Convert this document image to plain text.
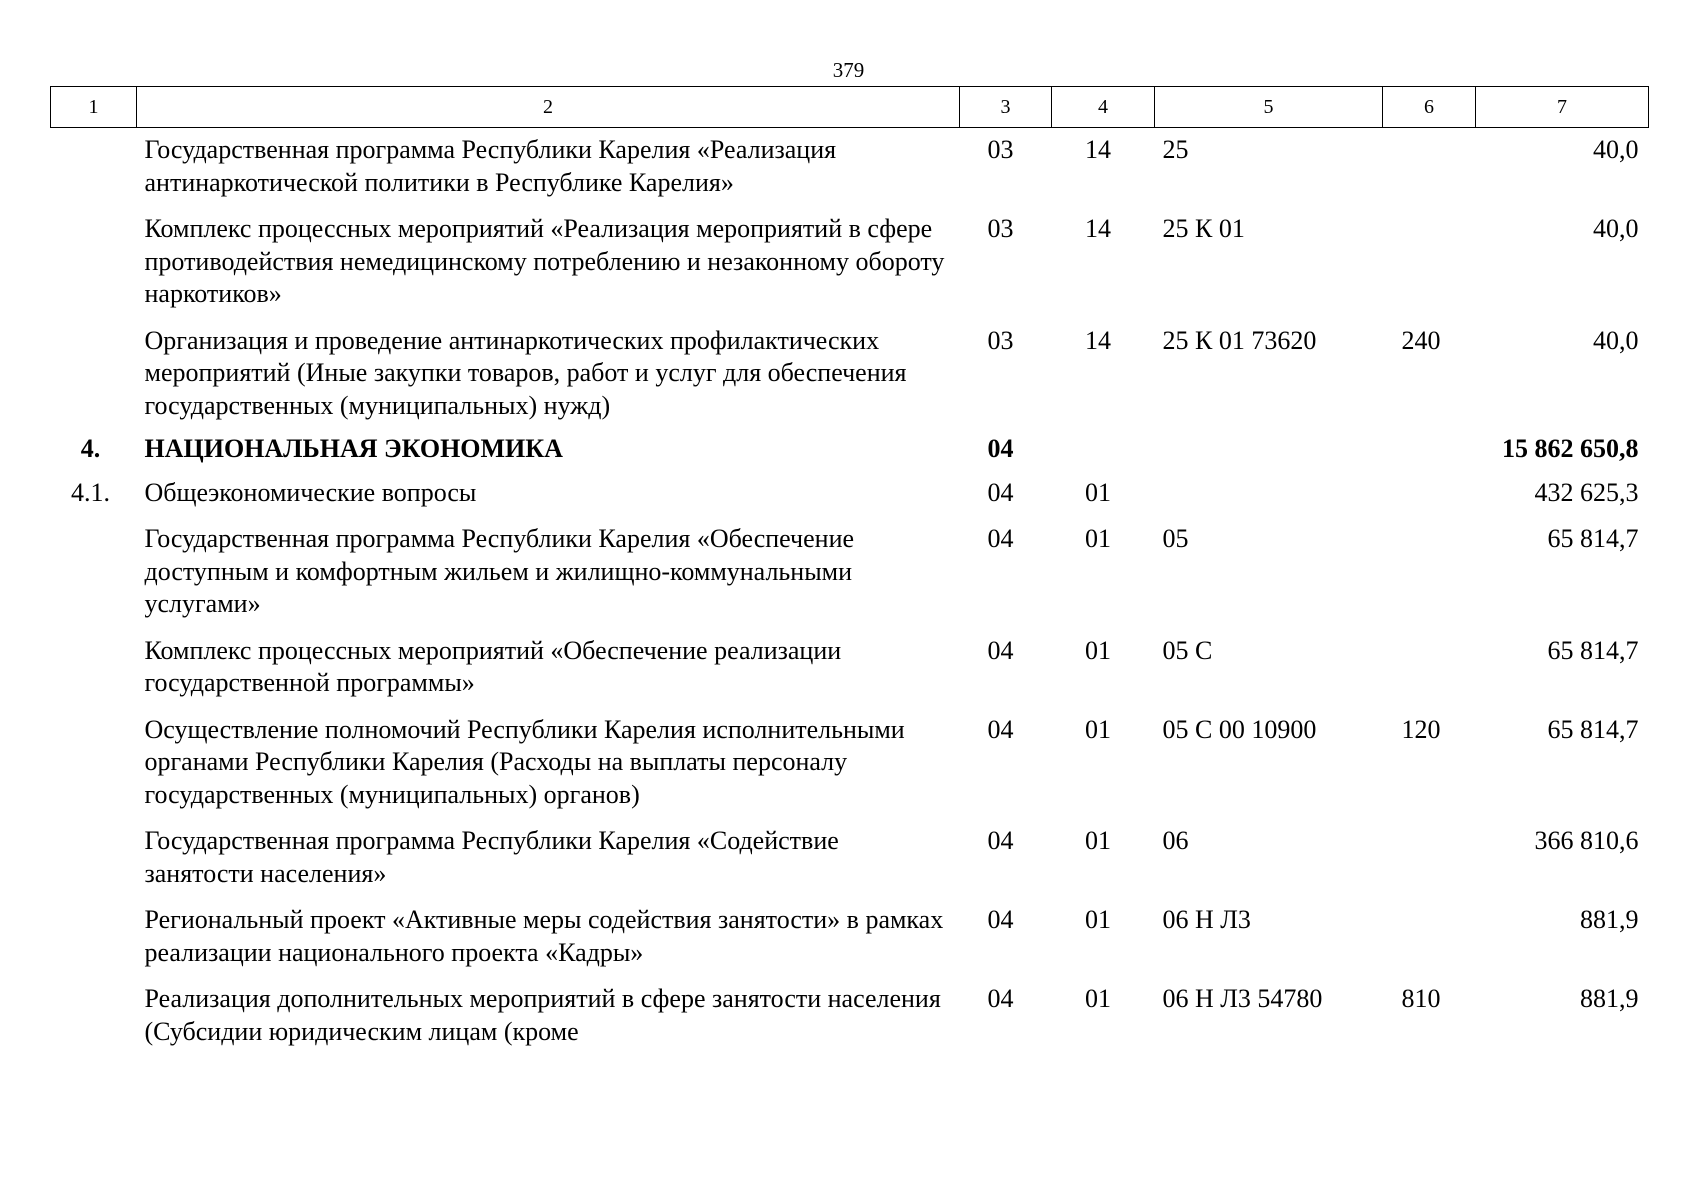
379
1	2	3	4	5	6	7
	Государственная программа Республики Карелия «Реализация антинаркотической политики в Республике Карелия»	03	14	25		40,0
	Комплекс процессных мероприятий «Реализация мероприятий в сфере противодействия немедицинскому потреблению и незаконному обороту наркотиков»	03	14	25 К 01		40,0
	Организация и проведение антинаркотических профилактических мероприятий (Иные закупки товаров, работ и услуг для обеспечения государственных (муниципальных) нужд)	03	14	25 К 01 73620	240	40,0
4.	НАЦИОНАЛЬНАЯ ЭКОНОМИКА	04				15 862 650,8
4.1.	Общеэкономические вопросы	04	01			432 625,3
	Государственная программа Республики Карелия «Обеспечение доступным и комфортным жильем и жилищно-коммунальными услугами»	04	01	05		65 814,7
	Комплекс процессных мероприятий «Обеспечение реализации государственной программы»	04	01	05 С		65 814,7
	Осуществление полномочий Республики Карелия исполнительными органами Республики Карелия (Расходы на выплаты персоналу государственных (муниципальных) органов)	04	01	05 С 00 10900	120	65 814,7
	Государственная программа Республики Карелия «Содействие занятости населения»	04	01	06		366 810,6
	Региональный проект «Активные меры содействия занятости» в рамках реализации национального проекта «Кадры»	04	01	06 Н Л3		881,9
	Реализация дополнительных мероприятий в сфере занятости населения (Субсидии юридическим лицам (кроме	04	01	06 Н Л3 54780	810	881,9
